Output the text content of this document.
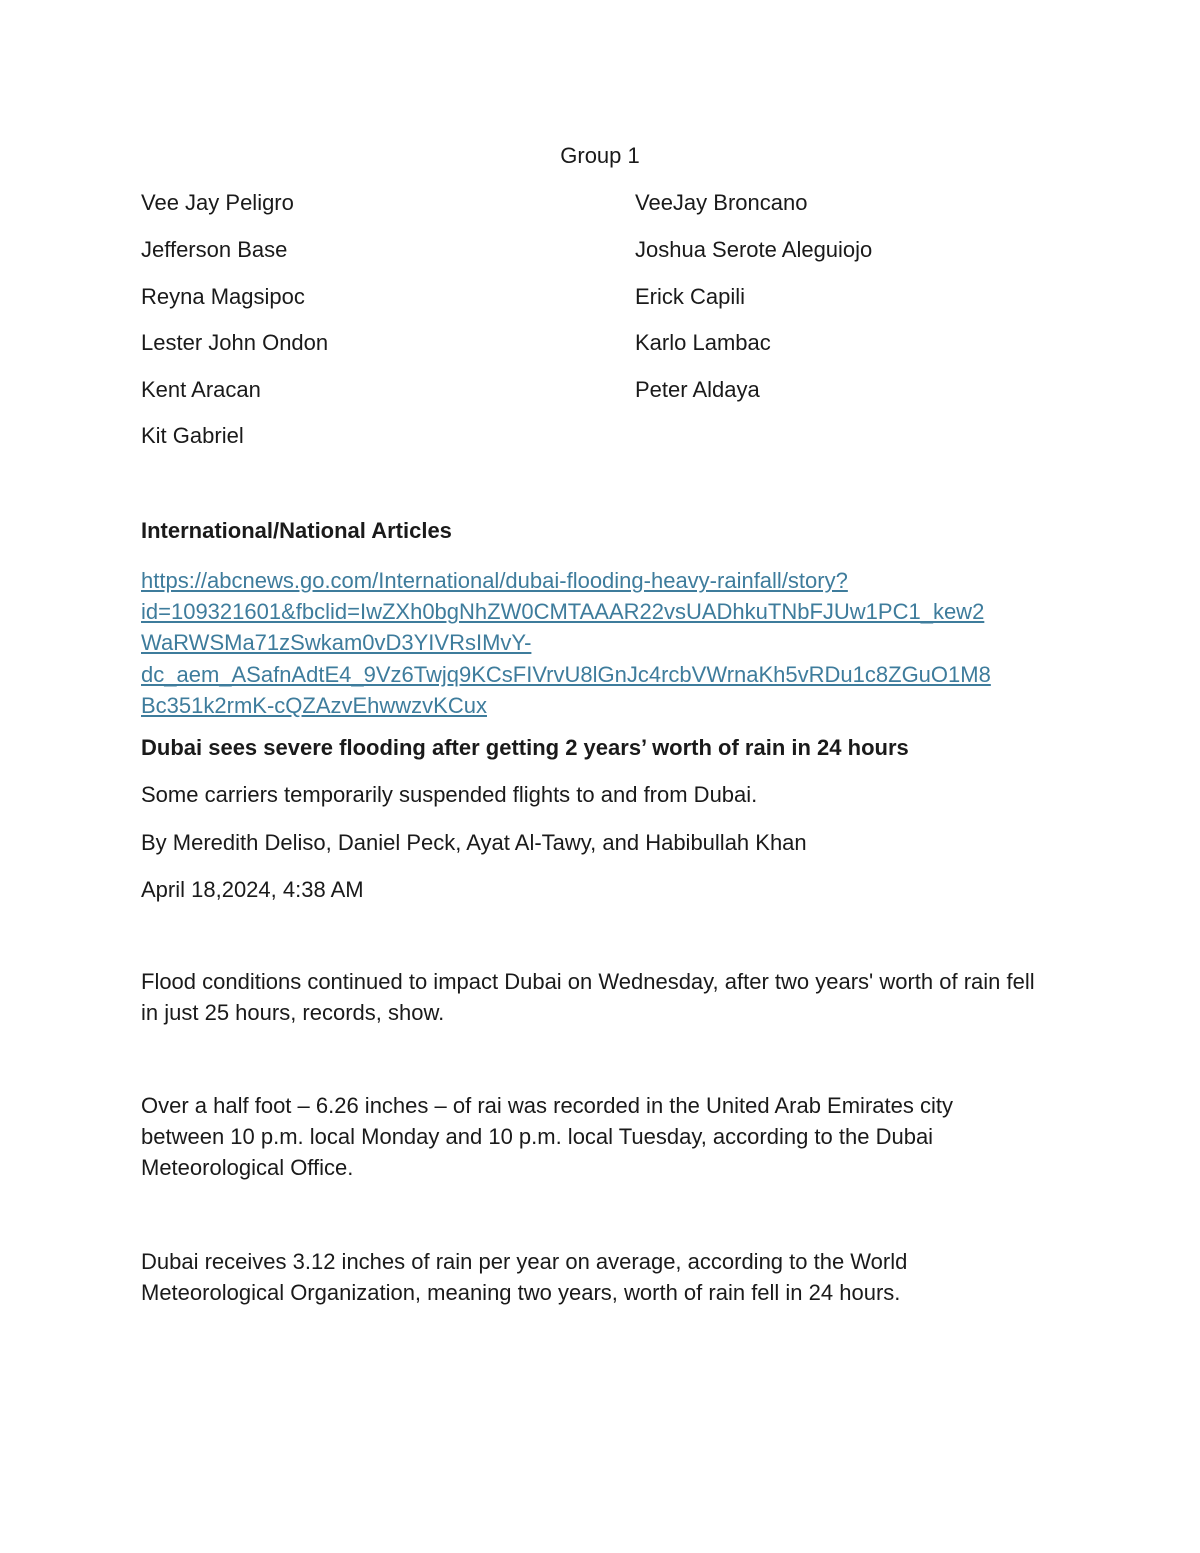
Group 1
Vee Jay Peligro
Jefferson Base
Reyna Magsipoc
Lester John Ondon
Kent Aracan
Kit Gabriel
VeeJay Broncano
Joshua Serote Aleguiojo
Erick Capili
Karlo Lambac
Peter Aldaya
International/National Articles
https://abcnews.go.com/International/dubai-flooding-heavy-rainfall/story?
id=109321601&fbclid=IwZXh0bgNhZW0CMTAAAR22vsUADhkuTNbFJUw1PC1_kew2
WaRWSMa71zSwkam0vD3YIVRsIMvY-
dc_aem_ASafnAdtE4_9Vz6Twjq9KCsFIVrvU8lGnJc4rcbVWrnaKh5vRDu1c8ZGuO1M8
Bc351k2rmK-cQZAzvEhwwzvKCux
Dubai sees severe flooding after getting 2 years’ worth of rain in 24 hours
Some carriers temporarily suspended flights to and from Dubai.
By Meredith Deliso, Daniel Peck, Ayat Al-Tawy, and Habibullah Khan
April 18,2024, 4:38 AM
Flood conditions continued to impact Dubai on Wednesday, after two years' worth of rain fell in just 25 hours, records, show.
Over a half foot – 6.26 inches – of rai was recorded in the United Arab Emirates city between 10 p.m. local Monday and 10 p.m. local Tuesday, according to the Dubai Meteorological Office.
Dubai receives 3.12 inches of rain per year on average, according to the World Meteorological Organization, meaning two years, worth of rain fell in 24 hours.
